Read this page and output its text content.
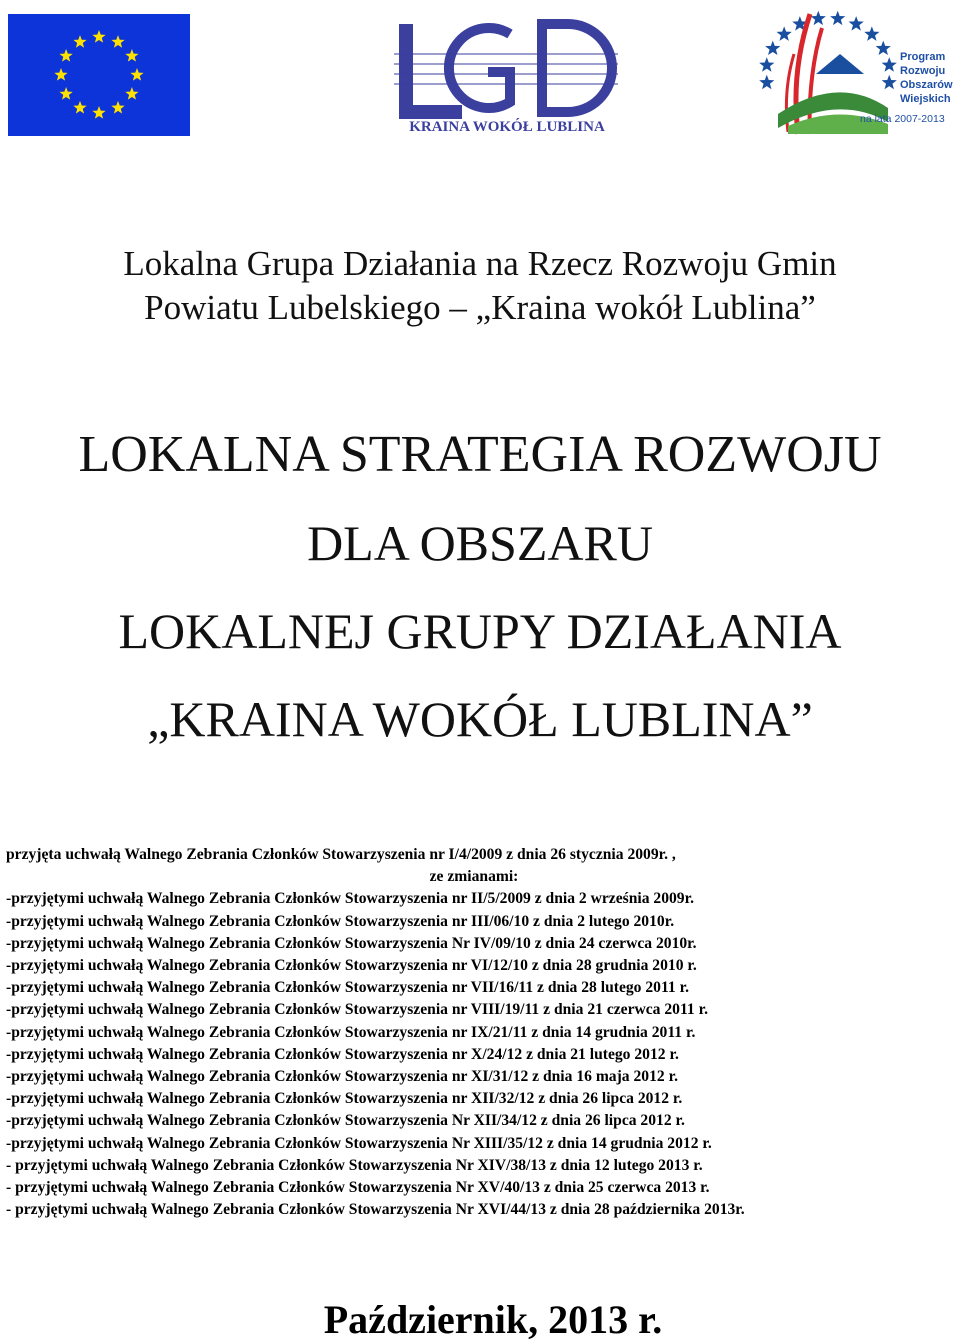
KRAINA WOKÓŁ LUBLINA
Program
Rozwoju
Obszarów
Wiejskich
na lata 2007-2013
Lokalna Grupa Działania na Rzecz Rozwoju Gmin
Powiatu Lubelskiego – „Kraina wokół Lublina”
LOKALNA STRATEGIA ROZWOJU
DLA OBSZARU
LOKALNEJ GRUPY DZIAŁANIA
„KRAINA WOKÓŁ LUBLINA”
przyjęta uchwałą Walnego Zebrania Członków Stowarzyszenia nr I/4/2009 z dnia 26 stycznia 2009r. ,
ze zmianami:
-przyjętymi uchwałą Walnego Zebrania Członków Stowarzyszenia nr II/5/2009 z dnia 2 września 2009r.
-przyjętymi uchwałą Walnego Zebrania Członków Stowarzyszenia nr III/06/10 z dnia 2 lutego 2010r.
-przyjętymi uchwałą Walnego Zebrania Członków Stowarzyszenia Nr IV/09/10 z dnia 24 czerwca 2010r.
-przyjętymi uchwałą Walnego Zebrania Członków Stowarzyszenia nr VI/12/10 z dnia 28 grudnia 2010 r.
-przyjętymi uchwałą Walnego Zebrania Członków Stowarzyszenia nr VII/16/11 z dnia 28 lutego 2011 r.
-przyjętymi uchwałą Walnego Zebrania Członków Stowarzyszenia nr VIII/19/11 z dnia 21 czerwca 2011 r.
-przyjętymi uchwałą Walnego Zebrania Członków Stowarzyszenia nr IX/21/11 z dnia 14 grudnia 2011 r.
-przyjętymi uchwałą Walnego Zebrania Członków Stowarzyszenia nr X/24/12 z dnia 21 lutego 2012 r.
-przyjętymi uchwałą Walnego Zebrania Członków Stowarzyszenia nr XI/31/12 z dnia 16 maja 2012 r.
-przyjętymi uchwałą Walnego Zebrania Członków Stowarzyszenia nr XII/32/12 z dnia 26 lipca 2012 r.
-przyjętymi uchwałą Walnego Zebrania Członków Stowarzyszenia Nr XII/34/12 z dnia 26 lipca 2012 r.
-przyjętymi uchwałą Walnego Zebrania Członków Stowarzyszenia Nr XIII/35/12 z dnia 14 grudnia 2012 r.
- przyjętymi uchwałą Walnego Zebrania Członków Stowarzyszenia Nr XIV/38/13 z dnia 12 lutego 2013 r.
- przyjętymi uchwałą Walnego Zebrania Członków Stowarzyszenia Nr XV/40/13 z dnia 25 czerwca 2013 r.
- przyjętymi uchwałą Walnego Zebrania Członków Stowarzyszenia Nr XVI/44/13 z dnia 28 października 2013r.
Październik, 2013 r.
